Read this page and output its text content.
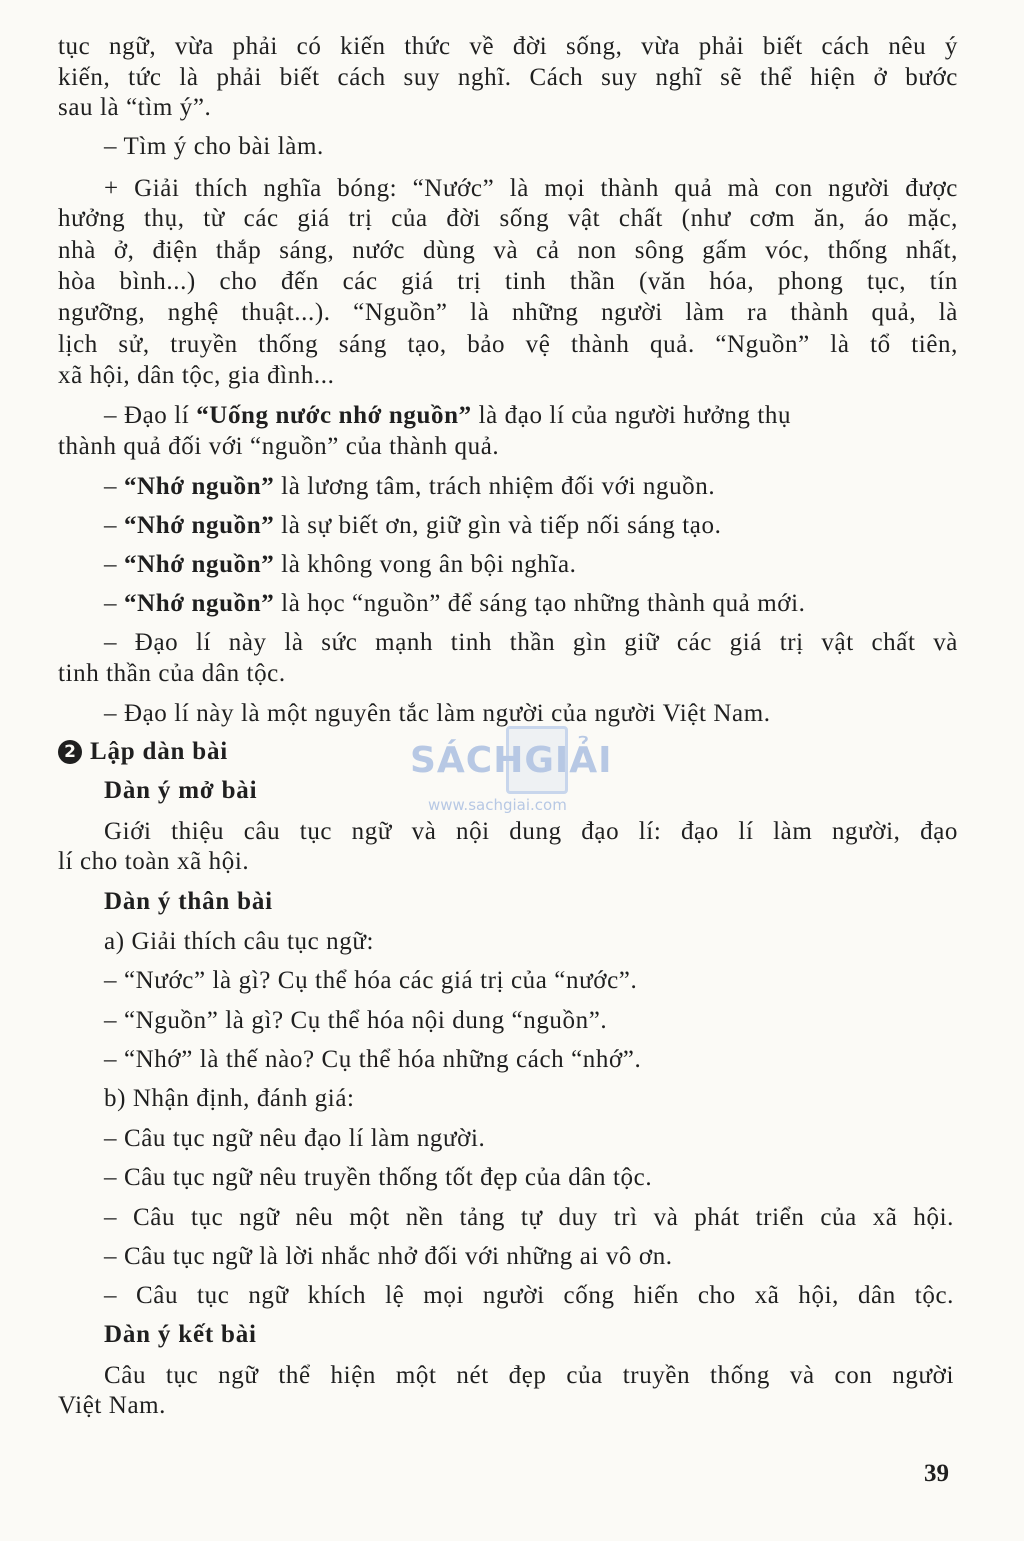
tục ngữ, vừa phải có kiến thức về đời sống, vừa phải biết cách nêu ý
kiến, tức là phải biết cách suy nghĩ. Cách suy nghĩ sẽ thể hiện ở bước
sau là “tìm ý”.
– Tìm ý cho bài làm.
+ Giải thích nghĩa bóng: “Nước” là mọi thành quả mà con người được
hưởng thụ, từ các giá trị của đời sống vật chất (như cơm ăn, áo mặc,
nhà ở, điện thắp sáng, nước dùng và cả non sông gấm vóc, thống nhất,
hòa bình...) cho đến các giá trị tinh thần (văn hóa, phong tục, tín
ngưỡng, nghệ thuật...). “Nguồn” là những người làm ra thành quả, là
lịch sử, truyền thống sáng tạo, bảo vệ thành quả. “Nguồn” là tổ tiên,
xã hội, dân tộc, gia đình...
– Đạo lí “Uống nước nhớ nguồn” là đạo lí của người hưởng thụ
thành quả đối với “nguồn” của thành quả.
– “Nhớ nguồn” là lương tâm, trách nhiệm đối với nguồn.
– “Nhớ nguồn” là sự biết ơn, giữ gìn và tiếp nối sáng tạo.
– “Nhớ nguồn” là không vong ân bội nghĩa.
– “Nhớ nguồn” là học “nguồn” để sáng tạo những thành quả mới.
– Đạo lí này là sức mạnh tinh thần gìn giữ các giá trị vật chất và
tinh thần của dân tộc.
– Đạo lí này là một nguyên tắc làm người của người Việt Nam.
2 Lập dàn bài
Dàn ý mở bài
Giới thiệu câu tục ngữ và nội dung đạo lí: đạo lí làm người, đạo
lí cho toàn xã hội.
Dàn ý thân bài
a) Giải thích câu tục ngữ:
– “Nước” là gì? Cụ thể hóa các giá trị của “nước”.
– “Nguồn” là gì? Cụ thể hóa nội dung “nguồn”.
– “Nhớ” là thế nào? Cụ thể hóa những cách “nhớ”.
b) Nhận định, đánh giá:
– Câu tục ngữ nêu đạo lí làm người.
– Câu tục ngữ nêu truyền thống tốt đẹp của dân tộc.
– Câu tục ngữ nêu một nền tảng tự duy trì và phát triển của xã hội.
– Câu tục ngữ là lời nhắc nhở đối với những ai vô ơn.
– Câu tục ngữ khích lệ mọi người cống hiến cho xã hội, dân tộc.
Dàn ý kết bài
Câu tục ngữ thể hiện một nét đẹp của truyền thống và con người
Việt Nam.
SÁCHGIẢI
www.sachgiai.com
39
